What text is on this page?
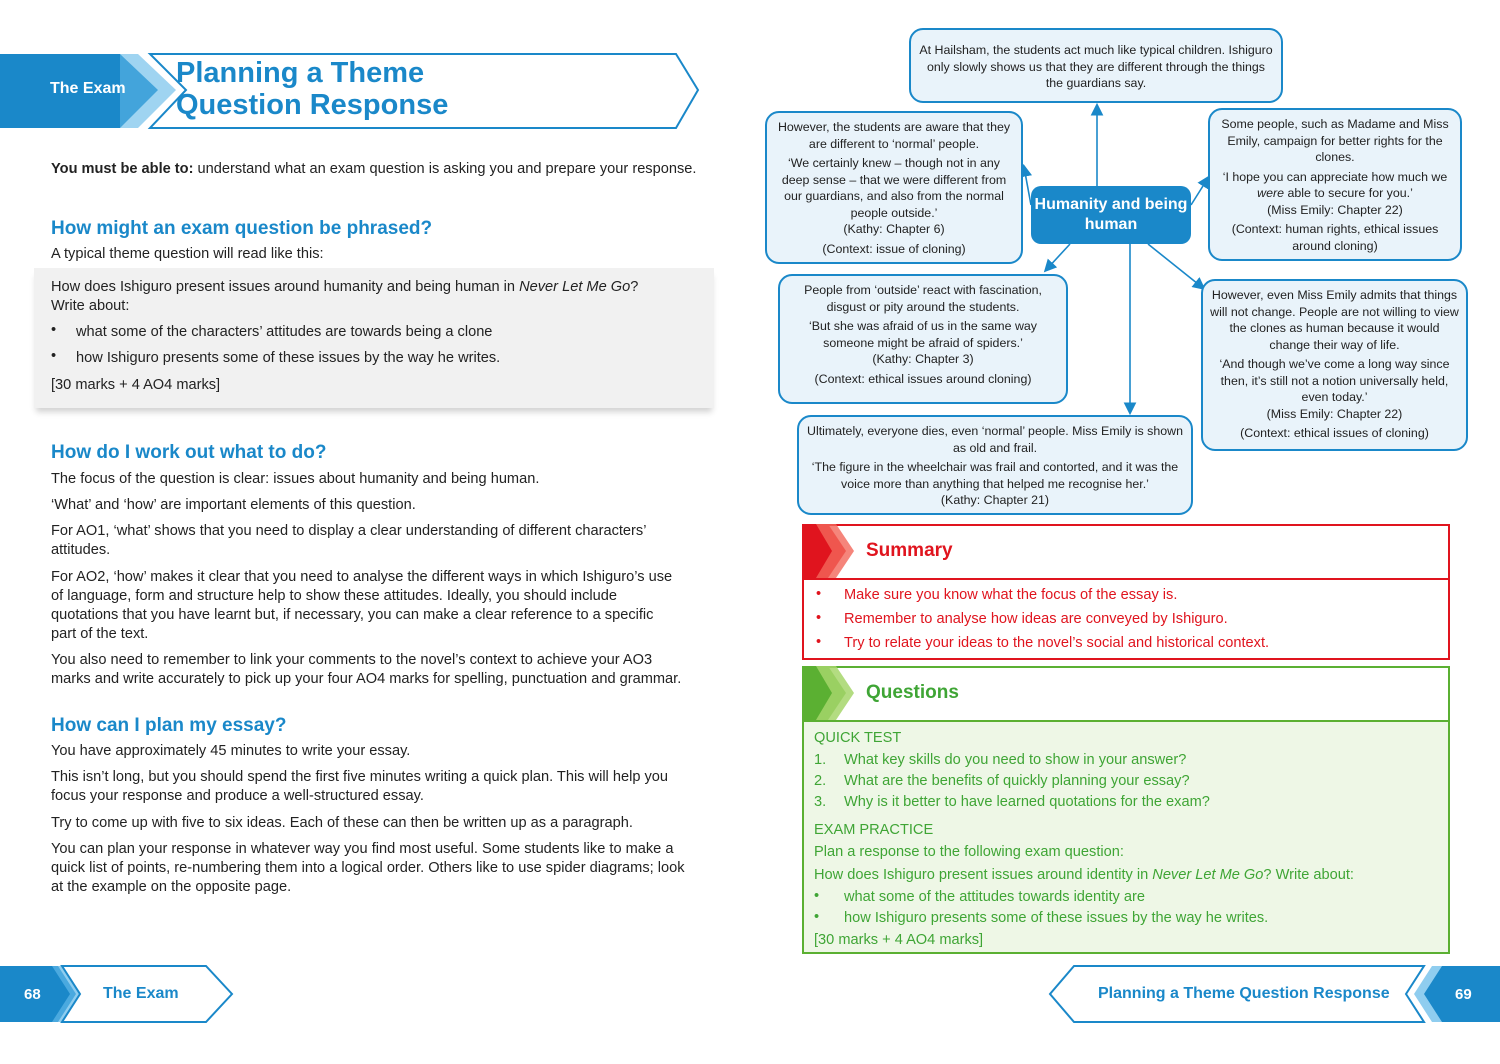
The Exam Planning a Theme
Question Response
You must be able to: understand what an exam question is asking you and prepare your response.
How might an exam question be phrased?
A typical theme question will read like this:
How does Ishiguro present issues around humanity and being human in Never Let Me Go?
Write about:
• what some of the characters’ attitudes are towards being a clone
• how Ishiguro presents some of these issues by the way he writes.
[30 marks + 4 AO4 marks]
How do I work out what to do?
The focus of the question is clear: issues about humanity and being human.
‘What’ and ‘how’ are important elements of this question.
For AO1, ‘what’ shows that you need to display a clear understanding of different characters’ attitudes.
For AO2, ‘how’ makes it clear that you need to analyse the different ways in which Ishiguro’s use of language, form and structure help to show these attitudes. Ideally, you should include quotations that you have learnt but, if necessary, you can make a clear reference to a specific part of the text.
You also need to remember to link your comments to the novel’s context to achieve your AO3 marks and write accurately to pick up your four AO4 marks for spelling, punctuation and grammar.
How can I plan my essay?
You have approximately 45 minutes to write your essay.
This isn’t long, but you should spend the first five minutes writing a quick plan. This will help you focus your response and produce a well-structured essay.
Try to come up with five to six ideas. Each of these can then be written up as a paragraph.
You can plan your response in whatever way you find most useful. Some students like to make a quick list of points, re-numbering them into a logical order. Others like to use spider diagrams; look at the example on the opposite page.

At Hailsham, the students act much like typical children. Ishiguro only slowly shows us that they are different through the things the guardians say.

Humanity and being human

However, the students are aware that they are different to ‘normal’ people.

‘We certainly knew – though not in any deep sense – that we were different from our guardians, and also from the normal people outside.’

(Kathy: Chapter 6)

(Context: issue of cloning)

Some people, such as Madame and Miss Emily, campaign for better rights for the clones.

‘I hope you can appreciate how much we were able to secure for you.’

(Miss Emily: Chapter 22)

(Context: human rights, ethical issues around cloning)

People from ‘outside’ react with fascination, disgust or pity around the students.

‘But she was afraid of us in the same way someone might be afraid of spiders.’

(Kathy: Chapter 3)

(Context: ethical issues around cloning)

However, even Miss Emily admits that things will not change. People are not willing to view the clones as human because it would change their way of life.

‘And though we’ve come a long way since then, it’s still not a notion universally held, even today.’

(Miss Emily: Chapter 22)

(Context: ethical issues of cloning)

Ultimately, everyone dies, even ‘normal’ people. Miss Emily is shown as old and frail.

‘The figure in the wheelchair was frail and contorted, and it was the voice more than anything that helped me recognise her.’

(Kathy: Chapter 21)

Summary
• Make sure you know what the focus of the essay is.
• Remember to analyse how ideas are conveyed by Ishiguro.
• Try to relate your ideas to the novel’s social and historical context.
Questions
QUICK TEST
1. What key skills do you need to show in your answer?
2. What are the benefits of quickly planning your essay?
3. Why is it better to have learned quotations for the exam?
EXAM PRACTICE
Plan a response to the following exam question:
How does Ishiguro present issues around identity in Never Let Me Go? Write about:
• what some of the attitudes towards identity are
• how Ishiguro presents some of these issues by the way he writes.
[30 marks + 4 AO4 marks]
68	The Exam	Planning a Theme Question Response	69
